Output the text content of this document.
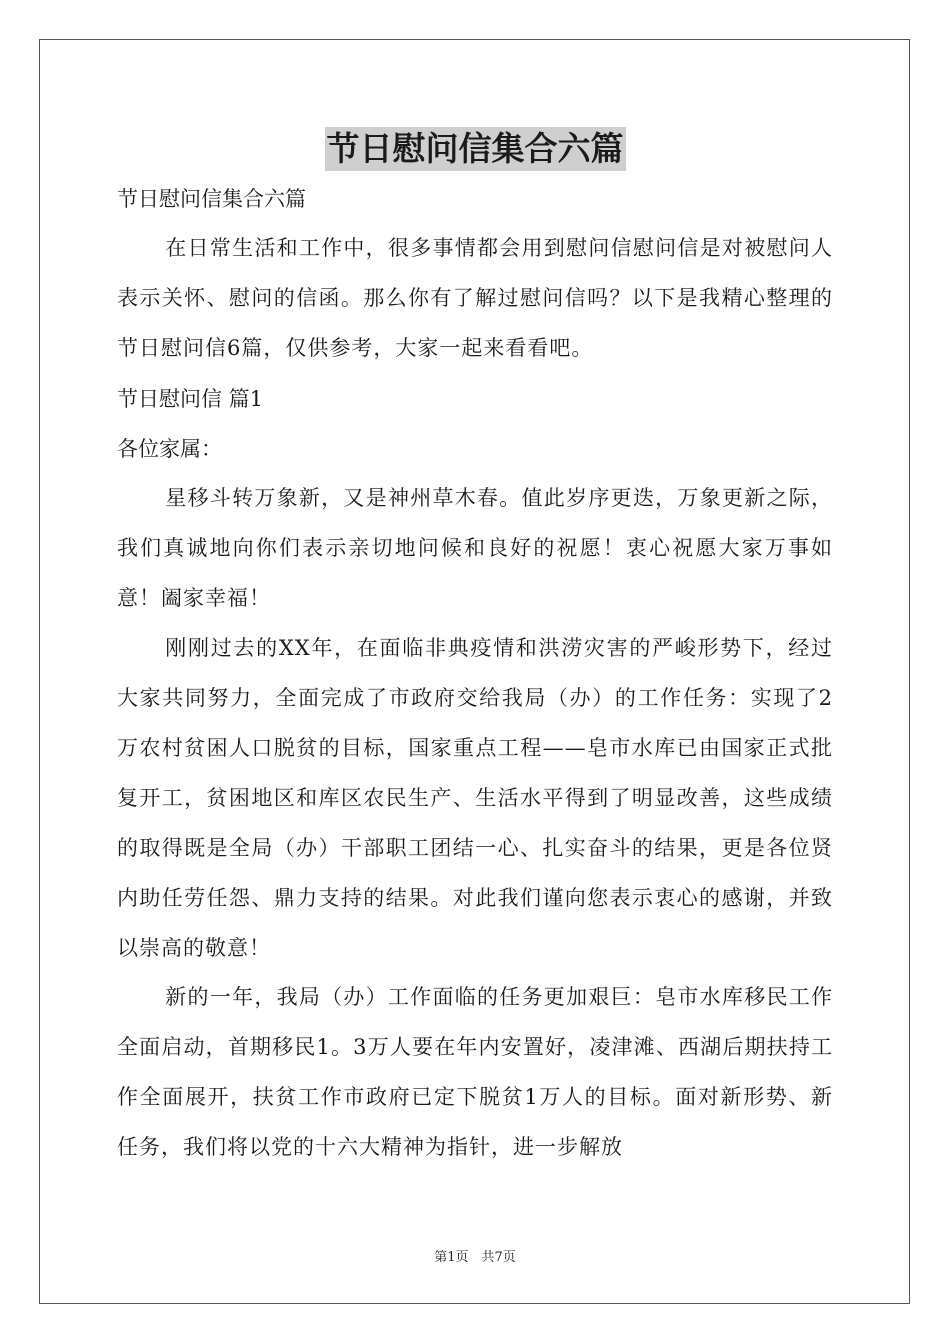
节日慰问信集合六篇
节日慰问信集合六篇

在日常生活和工作中，很多事情都会用到慰问信慰问信是对被慰问人表示关怀、慰问的信函。那么你有了解过慰问信吗？以下是我精心整理的节日慰问信6篇，仅供参考，大家一起来看看吧。

节日慰问信 篇1
各位家属：

星移斗转万象新，又是神州草木春。值此岁序更迭，万象更新之际，我们真诚地向你们表示亲切地问候和良好的祝愿！衷心祝愿大家万事如意！阖家幸福！

刚刚过去的XX年，在面临非典疫情和洪涝灾害的严峻形势下，经过大家共同努力，全面完成了市政府交给我局（办）的工作任务：实现了2万农村贫困人口脱贫的目标，国家重点工程——皂市水库已由国家正式批复开工，贫困地区和库区农民生产、生活水平得到了明显改善，这些成绩的取得既是全局（办）干部职工团结一心、扎实奋斗的结果，更是各位贤内助任劳任怨、鼎力支持的结果。对此我们谨向您表示衷心的感谢，并致以崇高的敬意！

新的一年，我局（办）工作面临的任务更加艰巨：皂市水库移民工作全面启动，首期移民1。3万人要在年内安置好，凌津滩、西湖后期扶持工作全面展开，扶贫工作市政府已定下脱贫1万人的目标。面对新形势、新任务，我们将以党的十六大精神为指针，进一步解放

第1页　共7页
